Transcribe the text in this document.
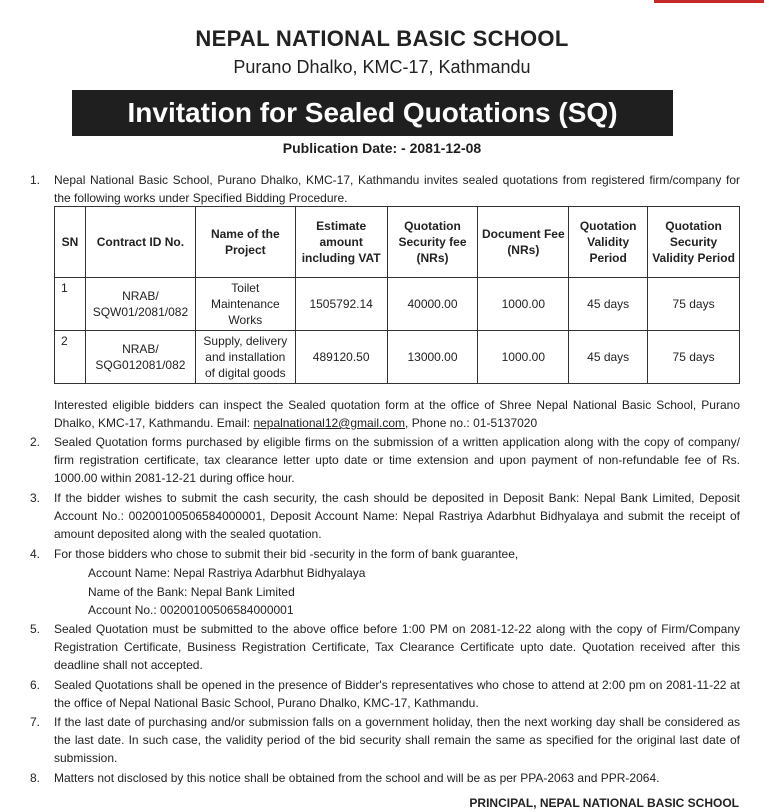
NEPAL NATIONAL BASIC SCHOOL
Purano Dhalko, KMC-17, Kathmandu
Invitation for Sealed Quotations (SQ)
Publication Date: - 2081-12-08
1. Nepal National Basic School, Purano Dhalko, KMC-17, Kathmandu invites sealed quotations from registered firm/company for the following works under Specified Bidding Procedure.
SN	Contract ID No.	Name of the Project	Estimate amount including VAT	Quotation Security fee (NRs)	Document Fee (NRs)	Quotation Validity Period	Quotation Security Validity Period
1	NRAB/ SQW01/2081/082	Toilet Maintenance Works	1505792.14	40000.00	1000.00	45 days	75 days
2	NRAB/ SQG012081/082	Supply, delivery and installation of digital goods	489120.50	13000.00	1000.00	45 days	75 days
Interested eligible bidders can inspect the Sealed quotation form at the office of Shree Nepal National Basic School, Purano Dhalko, KMC-17, Kathmandu. Email: nepalnational12@gmail.com, Phone no.: 01-5137020
2. Sealed Quotation forms purchased by eligible firms on the submission of a written application along with the copy of company/ firm registration certificate, tax clearance letter upto date or time extension and upon payment of non-refundable fee of Rs. 1000.00 within 2081-12-21 during office hour.
3. If the bidder wishes to submit the cash security, the cash should be deposited in Deposit Bank: Nepal Bank Limited, Deposit Account No.: 00200100506584000001, Deposit Account Name: Nepal Rastriya Adarbhut Bidhyalaya and submit the receipt of amount deposited along with the sealed quotation.
4. For those bidders who chose to submit their bid -security in the form of bank guarantee,
Account Name: Nepal Rastriya Adarbhut Bidhyalaya
Name of the Bank: Nepal Bank Limited
Account No.: 00200100506584000001
5. Sealed Quotation must be submitted to the above office before 1:00 PM on 2081-12-22 along with the copy of Firm/Company Registration Certificate, Business Registration Certificate, Tax Clearance Certificate upto date. Quotation received after this deadline shall not accepted.
6. Sealed Quotations shall be opened in the presence of Bidder's representatives who chose to attend at 2:00 pm on 2081-11-22 at the office of Nepal National Basic School, Purano Dhalko, KMC-17, Kathmandu.
7. If the last date of purchasing and/or submission falls on a government holiday, then the next working day shall be considered as the last date. In such case, the validity period of the bid security shall remain the same as specified for the original last date of submission.
8. Matters not disclosed by this notice shall be obtained from the school and will be as per PPA-2063 and PPR-2064.
PRINCIPAL, NEPAL NATIONAL BASIC SCHOOL
